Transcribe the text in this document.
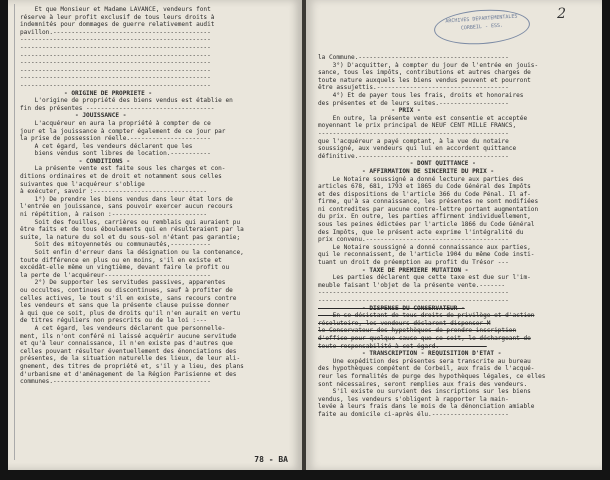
Et que Monsieur et Madame LAVANCE, vendeurs font
réserve à leur profit exclusif de tous leurs droits à
indemnités pour dommages de guerre relativement audit
pavillon.-------------------------------------------
----------------------------------------------------
----------------------------------------------------
----------------------------------------------------
----------------------------------------------------
----------------------------------------------------
----------------------------------------------------
----------------------------------------------------
- ORIGINE DE PROPRIETE -
L'origine de propriété des biens vendus est établie en
fin des présentes -----------------------------------
- JOUISSANCE -
L'acquéreur en aura la propriété à compter de ce
jour et la jouissance à compter également de ce jour par
la prise de possession réelle.----------------------
A cet égard, les vendeurs déclarent que les
biens vendus sont libres de location.-----------
- CONDITIONS -
La présente vente est faite sous les charges et con-
ditions ordinaires et de droit et notamment sous celles
suivantes que l'acquéreur s'oblige
à exécuter, savoir :-------------------------------
1°) De prendre les biens vendus dans leur état lors de
l'entrée en jouissance, sans pouvoir exercer aucun recours
ni répétition, à raison :--------------------------
Soit des fouilles, carrières ou remblais qui auraient pu
être faits et de tous éboulements qui en résulteraient par la
suite, la nature du sol et du sous-sol n'étant pas garantie;
Soit des mitoyennetés ou communautés,-----------
Soit enfin d'erreur dans la désignation ou la contenance,
toute différence en plus ou en moins, s'il en existe et
excédât-elle même un vingtième, devant faire le profit ou
la perte de l'acquéreur-----------------------------
2°) De supporter les servitudes passives, apparentes
ou occultes, continues ou discontinues, sauf à profiter de
celles actives, le tout s'il en existe, sans recours contre
les vendeurs et sans que la présente clause puisse donner
à qui que ce soit, plus de droits qu'il n'en aurait en vertu
de titres réguliers non prescrits ou de la loi :---
A cet égard, les vendeurs déclarent que personnelle-
ment, ils n'ont conféré ni laissé acquérir aucune servitude
et qu'à leur connaissance, il n'en existe pas d'autres que
celles pouvant résulter éventuellement des énonciations des
présentes, de la situation naturelle des lieux, de leur ali-
gnement, des titres de propriété et, s'il y a lieu, des plans
d'urbanisme et d'aménagement de la Région Parisienne et des
communes.-------------------------------------------
78 - BA
ARCHIVES DEPARTEMENTALES
CORBEIL - ESS.
2
la Commune.-----------------------------------------
3°) D'acquitter, à compter du jour de l'entrée en jouis-
sance, tous les impôts, contributions et autres charges de
toute nature auxquels les biens vendus peuvent et pourront
être assujettis.------------------------------------
4°) Et de payer tous les frais, droits et honoraires
des présentes et de leurs suites.-------------------
- PRIX -
En outre, la présente vente est consentie et acceptée
moyennant le prix principal de NEUF CENT MILLE FRANCS,
----------------------------------------------------
que l'acquéreur a payé comptant, à la vue du notaire
soussigné, aux vendeurs qui lui en accordent quittance
définitive.-----------------------------------------
- DONT QUITTANCE -
- AFFIRMATION DE SINCERITE DU PRIX -
Le Notaire soussigné a donné lecture aux parties des
articles 678, 681, 1793 et 1865 du Code Général des Impôts
et des dispositions de l'article 366 du Code Pénal. Il af-
firme, qu'à sa connaissance, les présentes ne sont modifiées
ni contredites par aucune contre-lettre portant augmentation
du prix. En outre, les parties affirment individuellement,
sous les peines édictées par l'article 1866 du Code Général
des Impôts, que le présent acte exprime l'intégralité du
prix convenu.---------------------------------------
Le Notaire soussigné a donné connaissance aux parties,
qui le reconnaissent, de l'article 1904 du même Code insti-
tuant un droit de préemption au profit du Trésor ---
- TAXE DE PREMIERE MUTATION -
Les parties déclarent que cette taxe est due sur l'im-
meuble faisant l'objet de la présente vente.-------
----------------------------------------------------
----------------------------------------------------
- DISPENSE DU CONSERVATEUR -
En se désistant de tous droits de privilège et d'action
résolutoire, les vendeurs déclarent dispenser M
le Conservateur des hypothèques de prendre inscription
d'office pour quelque cause que ce soit, le déchargeant de
toute responsabilité à cet égard.-------------
- TRANSCRIPTION - REQUISITION D'ETAT -
Une expédition des présentes sera transcrite au bureau
des hypothèques compétent de Corbeil, aux frais de l'acqué-
reur les formalités de purge des hypothèques légales, ce elles
sont nécessaires, seront remplies aux frais des vendeurs.
S'il existe ou survient des inscriptions sur les biens
vendus, les vendeurs s'obligent à rapporter la main-
levée à leurs frais dans le mois de la dénonciation amiable
faite au domicile ci-après élu.---------------------
